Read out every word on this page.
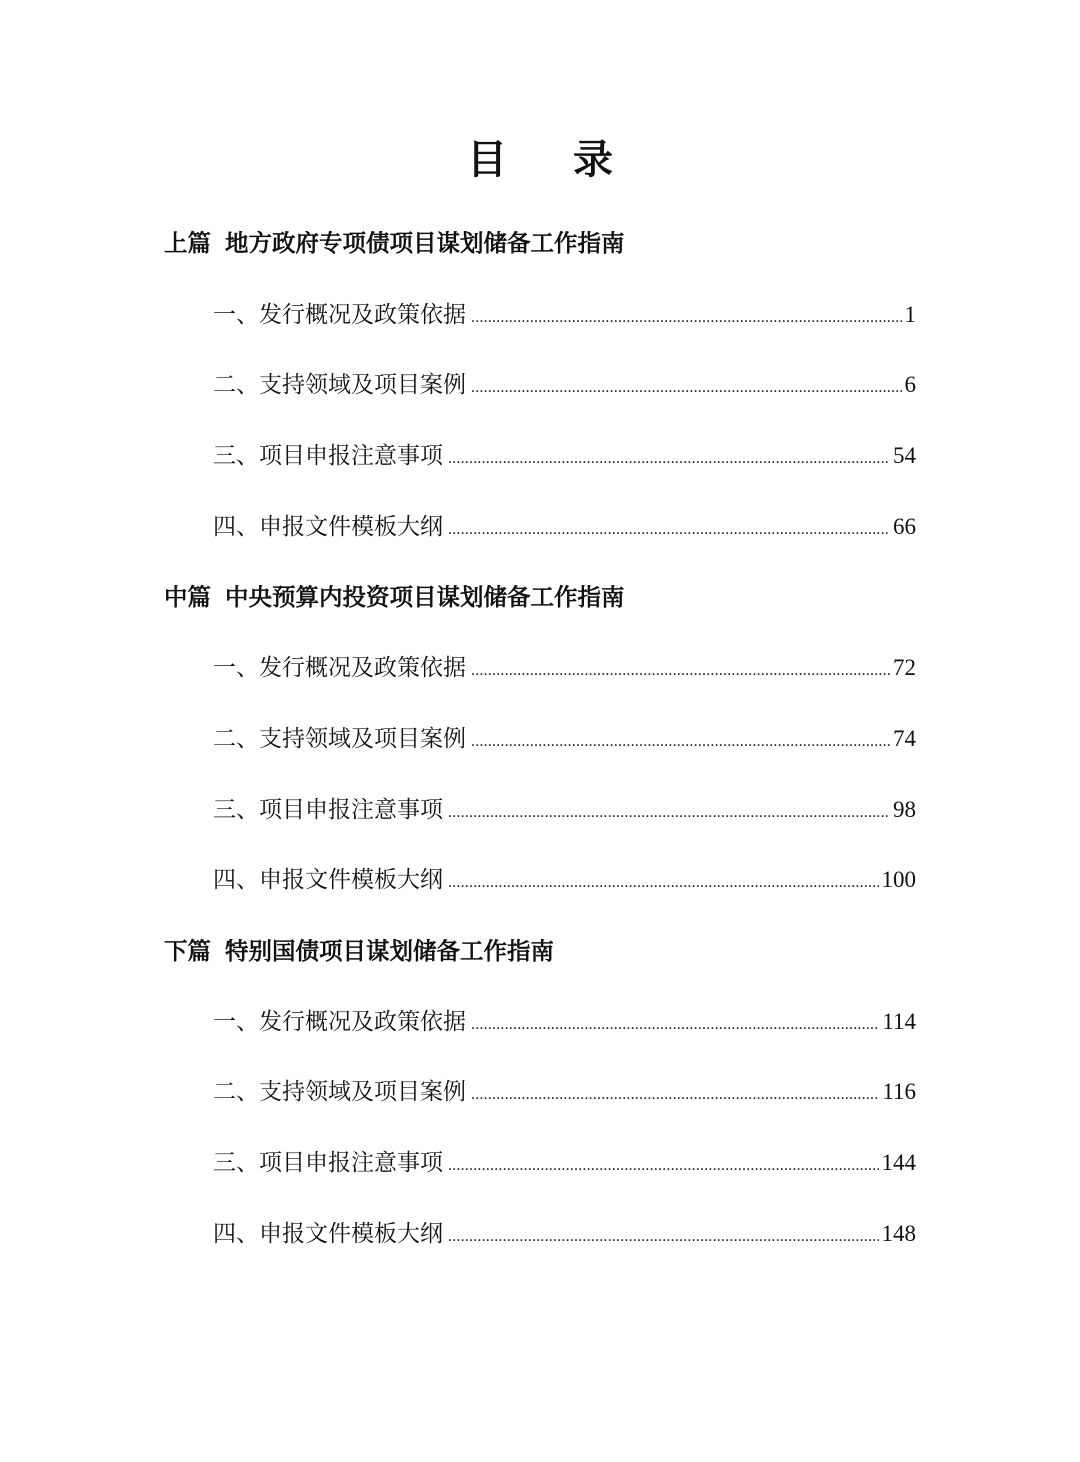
目 录
上篇 地方政府专项债项目谋划储备工作指南
一、发行概况及政策依据 .....	1
二、支持领域及项目案例 .....	6
三、项目申报注意事项 .....	54
四、申报文件模板大纲 .....	66
中篇 中央预算内投资项目谋划储备工作指南
一、发行概况及政策依据 .....	72
二、支持领域及项目案例 .....	74
三、项目申报注意事项 .....	98
四、申报文件模板大纲 .....	100
下篇 特别国债项目谋划储备工作指南
一、发行概况及政策依据 .....	114
二、支持领域及项目案例 .....	116
三、项目申报注意事项 .....	144
四、申报文件模板大纲 .....	148
